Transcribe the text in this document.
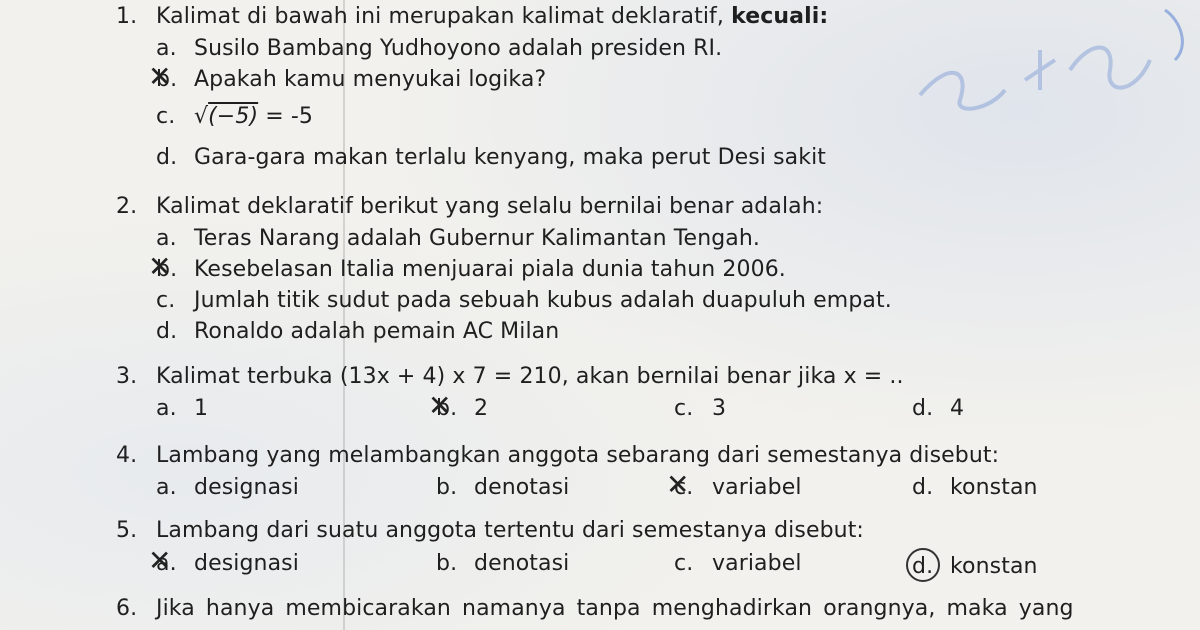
1. Kalimat di bawah ini merupakan kalimat deklaratif, kecuali:
a. Susilo Bambang Yudhoyono adalah presiden RI.
b. ✕ Apakah kamu menyukai logika?
c. √(−5) = -5
d. Gara-gara makan terlalu kenyang, maka perut Desi sakit
2. Kalimat deklaratif berikut yang selalu bernilai benar adalah:
a. Teras Narang adalah Gubernur Kalimantan Tengah.
b. ✕ Kesebelasan Italia menjuarai piala dunia tahun 2006.
c. Jumlah titik sudut pada sebuah kubus adalah duapuluh empat.
d. Ronaldo adalah pemain AC Milan
3. Kalimat terbuka (13x + 4) x 7 = 210, akan bernilai benar jika x = ..
a. 1	b. ✕ 2	c. 3	d. 4
4. Lambang yang melambangkan anggota sebarang dari semestanya disebut:
a. designasi	b. denotasi	c. ✕ variabel	d. konstan
5. Lambang dari suatu anggota tertentu dari semestanya disebut:
a. ✕ designasi	b. denotasi	c. variabel	d. konstan
6. Jika hanya membicarakan namanya tanpa menghadirkan orangnya, maka yang
